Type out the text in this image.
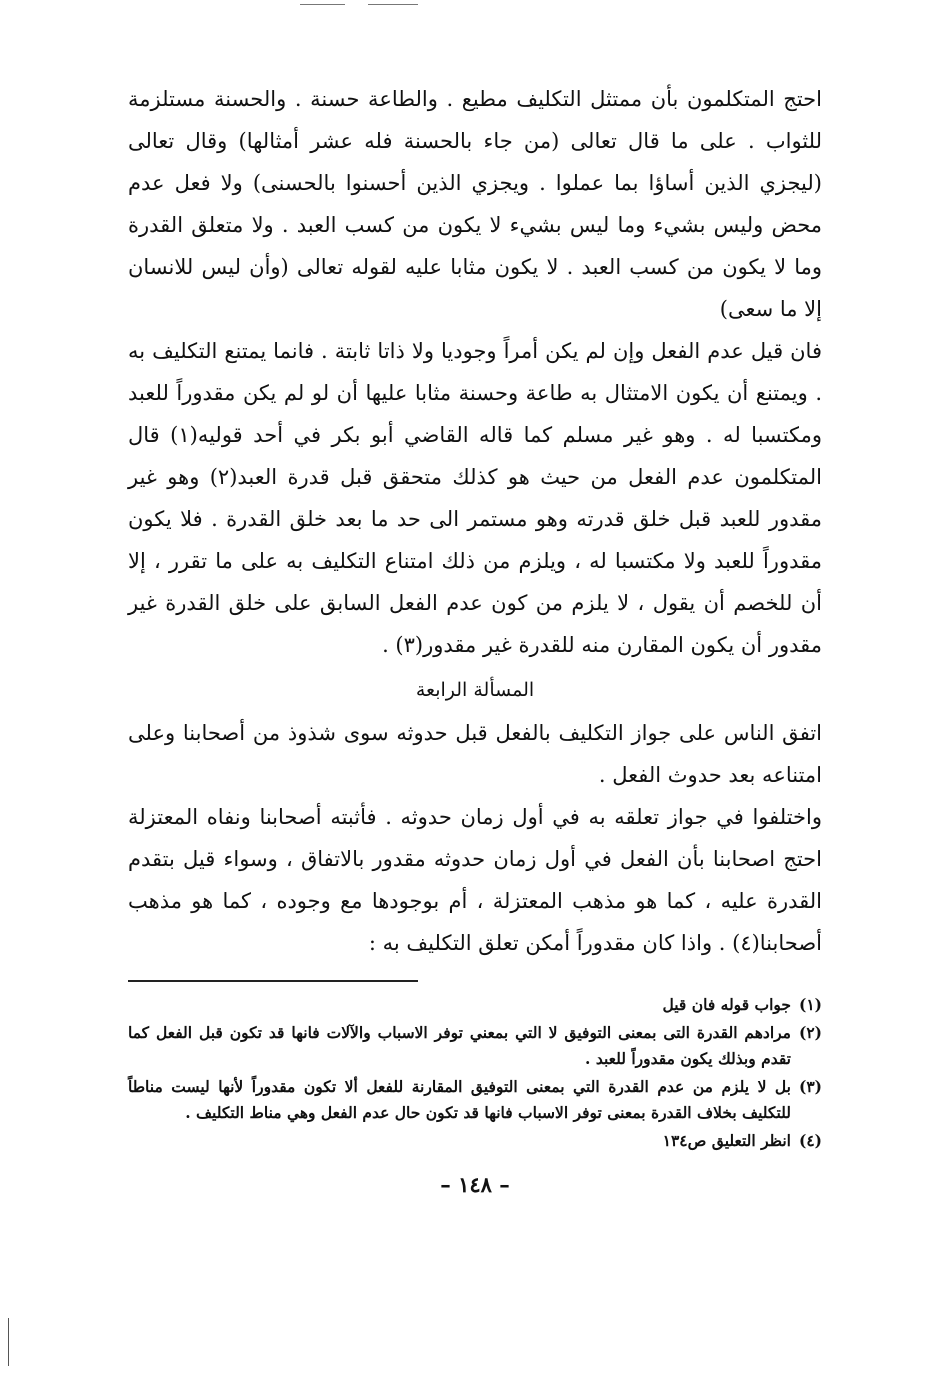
احتج المتكلمون بأن ممتثل التكليف مطيع . والطاعة حسنة . والحسنة مستلزمة للثواب . على ما قال تعالى (من جاء بالحسنة فله عشر أمثالها) وقال تعالى (ليجزي الذين أساؤا بما عملوا . ويجزي الذين أحسنوا بالحسنى) ولا فعل عدم محض وليس بشيء وما ليس بشيء لا يكون من كسب العبد . ولا متعلق القدرة وما لا يكون من كسب العبد . لا يكون مثابا عليه لقوله تعالى (وأن ليس للانسان إلا ما سعى)

فان قيل عدم الفعل وإن لم يكن أمراً وجوديا ولا ذاتا ثابتة . فانما يمتنع التكليف به . ويمتنع أن يكون الامتثال به طاعة وحسنة مثابا عليها أن لو لم يكن مقدوراً للعبد ومكتسبا له . وهو غير مسلم كما قاله القاضي أبو بكر في أحد قوليه(١) قال المتكلمون عدم الفعل من حيث هو كذلك متحقق قبل قدرة العبد(٢) وهو غير مقدور للعبد قبل خلق قدرته وهو مستمر الى حد ما بعد خلق القدرة . فلا يكون مقدوراً للعبد ولا مكتسبا له ، ويلزم من ذلك امتناع التكليف به على ما تقرر ، إلا أن للخصم أن يقول ، لا يلزم من كون عدم الفعل السابق على خلق القدرة غير مقدور أن يكون المقارن منه للقدرة غير مقدور(٣) .

المسألة الرابعة

اتفق الناس على جواز التكليف بالفعل قبل حدوثه سوى شذوذ من أصحابنا وعلى امتناعه بعد حدوث الفعل .

واختلفوا في جواز تعلقه به في أول زمان حدوثه . فأثبته أصحابنا ونفاه المعتزلة احتج اصحابنا بأن الفعل في أول زمان حدوثه مقدور بالاتفاق ، وسواء قيل بتقدم القدرة عليه ، كما هو مذهب المعتزلة ، أم بوجودها مع وجوده ، كما هو مذهب أصحابنا(٤) . واذا كان مقدوراً أمكن تعلق التكليف به :

(١)
جواب قوله فان قيل
(٢)
مرادهم القدرة التى بمعنى التوفيق لا التي بمعني توفر الاسباب والآلات فانها قد تكون قبل الفعل كما تقدم وبذلك يكون مقدوراً للعبد .
(٣)
بل لا يلزم من عدم القدرة التي بمعنى التوفيق المقارنة للفعل ألا تكون مقدوراً لأنها ليست مناطاً للتكليف بخلاف القدرة بمعنى توفر الاسباب فانها قد تكون حال عدم الفعل وهي مناط التكليف .
(٤)
انظر التعليق ص١٣٤
– ١٤٨ –
